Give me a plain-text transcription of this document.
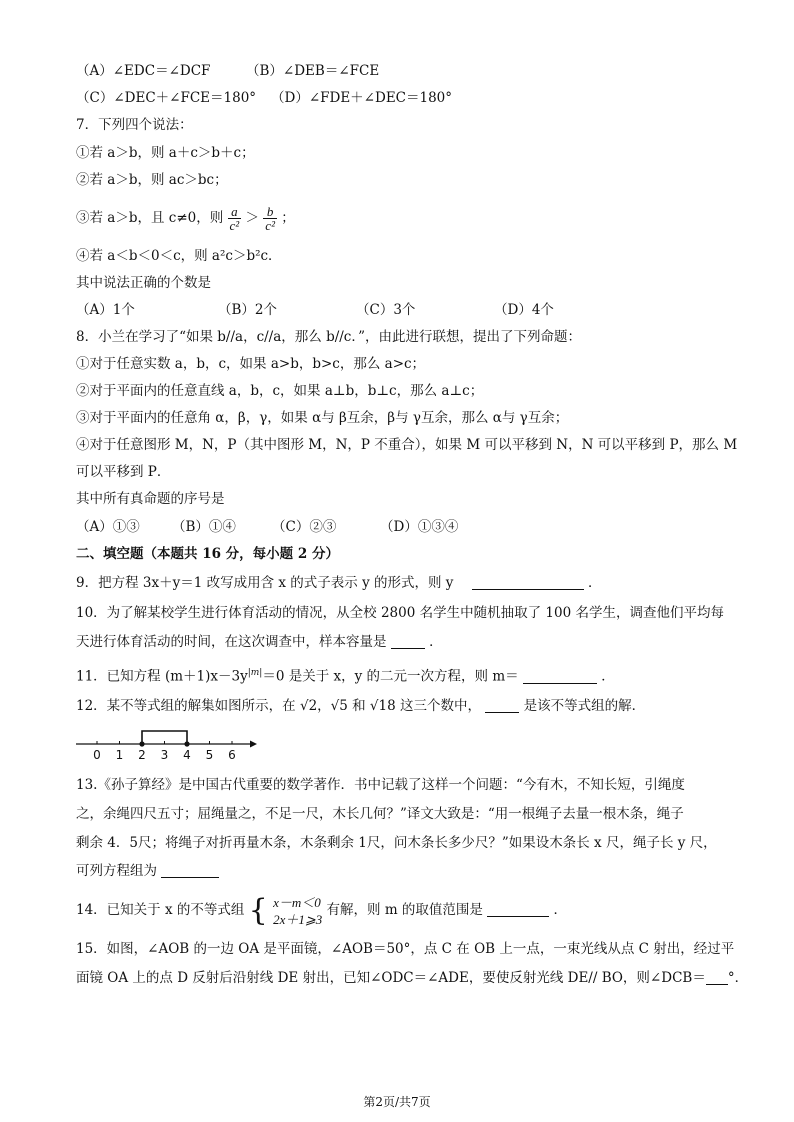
（A）∠EDC＝∠DCF	（B）∠DEB＝∠FCE
（C）∠DEC＋∠FCE＝180° （D）∠FDE＋∠DEC＝180°
7．下列四个说法：
①若 a＞b，则 a＋c＞b＋c；
②若 a＞b，则 ac＞bc；
③若 a＞b，且 c≠0，则 $\frac{a}{\text{c²}} > \frac{b}{\text{c²}}$ ；
④若 a＜b＜0＜c，则 a²c＞b²c．
其中说法正确的个数是
（A）1个	（B）2个	（C）3个	（D）4个
8．小兰在学习了“如果 b//a，c//a，那么 b//c．”，由此进行联想，提出了下列命题：
①对于任意实数 a，b，c，如果 a>b，b>c，那么 a>c；
②对于平面内的任意直线 a，b，c，如果 a⊥b，b⊥c，那么 a⊥c；
③对于平面内的任意角 α，β，γ，如果 α与 β互余，β与 γ互余，那么 α与 γ互余；
④对于任意图形 M，N，P（其中图形 M，N，P 不重合），如果 M 可以平移到 N，N 可以平移到 P，那么 M
可以平移到 P．
其中所有真命题的序号是
（A）①③ （B）①④	（C）②③	（D）①③④
二、填空题（本题共 16 分，每小题 2 分）
9．把方程 3x＋y＝1 改写成用含 x 的式子表示 y 的形式，则 y	．
10．为了解某校学生进行体育活动的情况，从全校 2800 名学生中随机抽取了 100 名学生，调查他们平均每
天进行体育活动的时间，在这次调查中，样本容量是	．
11．已知方程 $(m+1)x-3y^{|m|}=0$ 是关于 x，y 的二元一次方程，则 m＝	．
12．某不等式组的解集如图所示，在 √2，√5 和 √18 这三个数中，	是该不等式组的解．
0 1 2 3 4 5 6
13.《孙子算经》是中国古代重要的数学著作．书中记载了这样一个问题：“今有木，不知长短，引绳度
之，余绳四尺五寸；屈绳量之，不足一尺，木长几何？”译文大致是：“用一根绳子去量一根木条，绳子
剩余 4．5尺；将绳子对折再量木条，木条剩余 1尺，问木条长多少尺？”如果设木条长 x 尺，绳子长 y 尺，
可列方程组为
14．已知关于 x 的不等式组 { x－m＜0
2x＋1⩾3
有解，则 m 的取值范围是	．
15．如图，∠AOB 的一边 OA 是平面镜，∠AOB＝50°，点 C 在 OB 上一点，一束光线从点 C 射出，经过平
面镜 OA 上的点 D 反射后沿射线 DE 射出，已知∠ODC＝∠ADE，要使反射光线 DE// BO，则∠DCB＝ °．
第2页/共7页
